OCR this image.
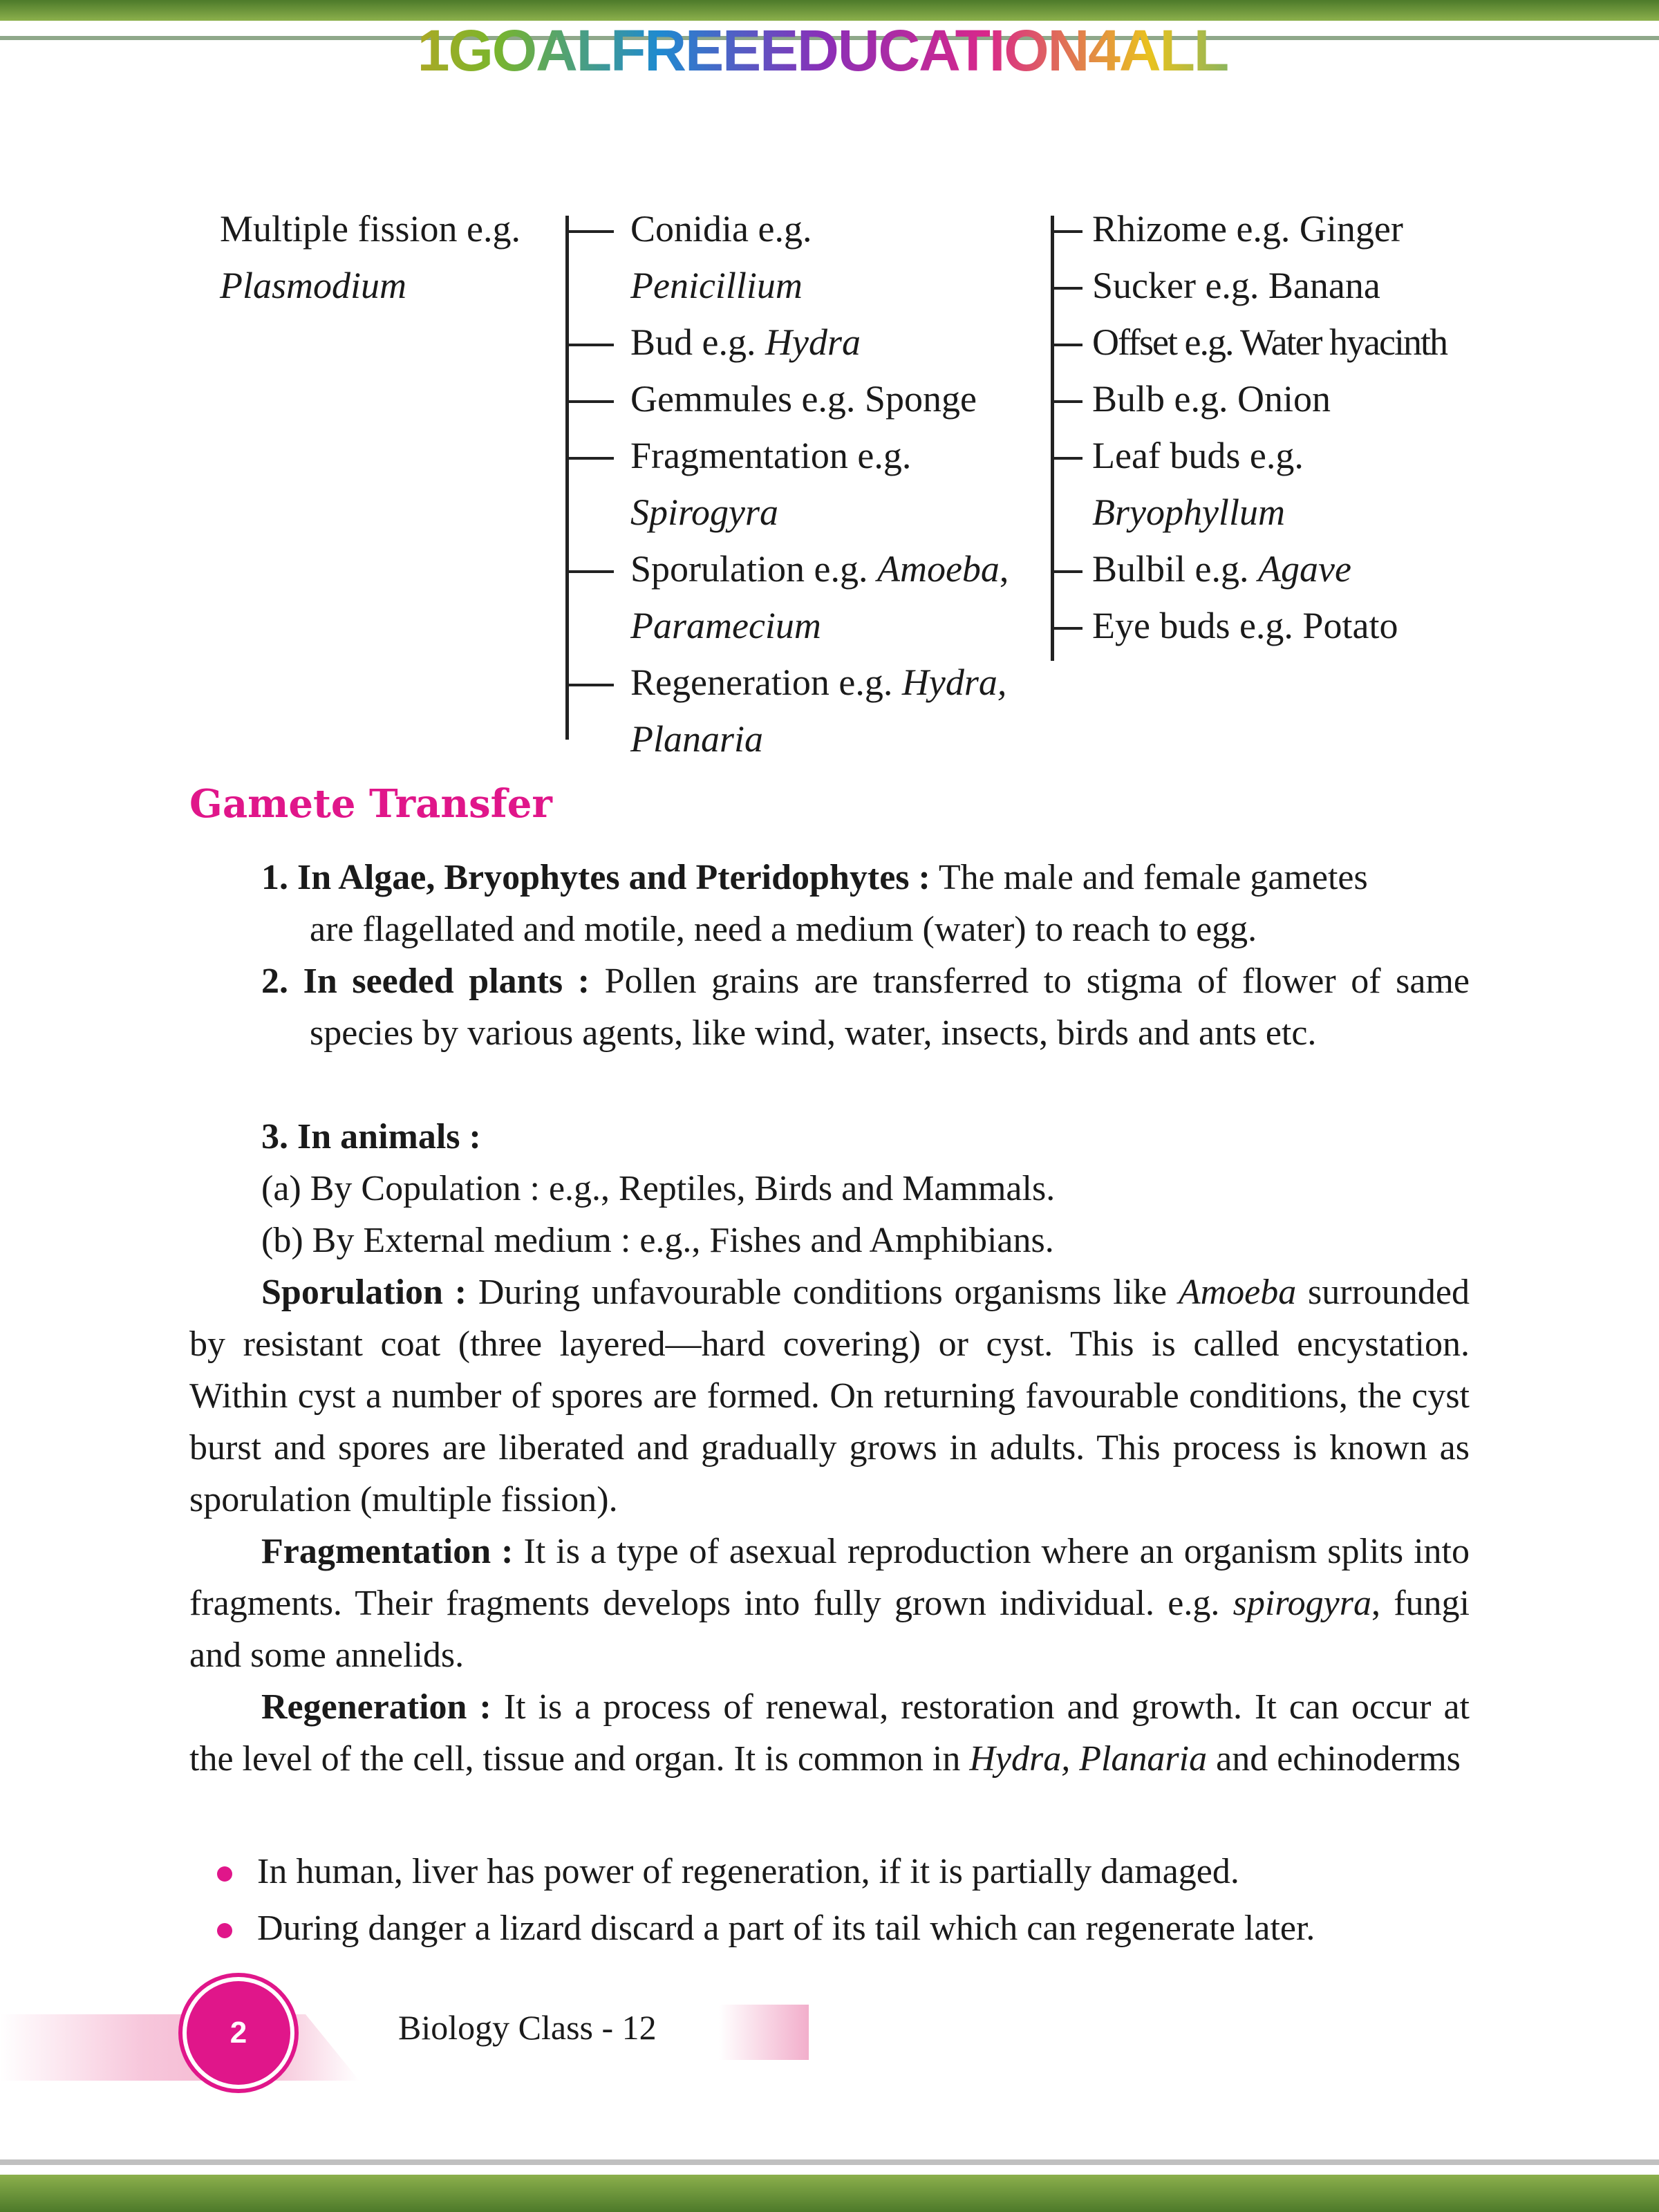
1GOALFREEEDUCATION4ALL
Multiple fission e.g.
Plasmodium
Conidia e.g.
Penicillium
Bud e.g. Hydra
Gemmules e.g. Sponge
Fragmentation e.g.
Spirogyra
Sporulation e.g. Amoeba,
Paramecium
Regeneration e.g. Hydra,
Planaria
Rhizome e.g. Ginger
Sucker e.g. Banana
Offset e.g. Water hyacinth
Bulb e.g. Onion
Leaf buds e.g.
Bryophyllum
Bulbil e.g. Agave
Eye buds e.g. Potato
Gamete Transfer
1. In Algae, Bryophytes and Pteridophytes : The male and female gametes
are flagellated and motile, need a medium (water) to reach to egg.
2. In seeded plants : Pollen grains are transferred to stigma of flower of same species by various agents, like wind, water, insects, birds and ants etc.
3. In animals :
(a) By Copulation : e.g., Reptiles, Birds and Mammals.
(b) By External medium : e.g., Fishes and Amphibians.
Sporulation : During unfavourable conditions organisms like Amoeba surrounded by resistant coat (three layered—hard covering) or cyst. This is called encystation. Within cyst a number of spores are formed. On returning favourable conditions, the cyst burst and spores are liberated and gradually grows in adults. This process is known as sporulation (multiple fission).
Fragmentation : It is a type of asexual reproduction where an organism splits into fragments. Their fragments develops into fully grown individual. e.g. spirogyra, fungi and some annelids.
Regeneration : It is a process of renewal, restoration and growth. It can occur at the level of the cell, tissue and organ. It is common in Hydra, Planaria and echinoderms
In human, liver has power of regeneration, if it is partially damaged.
During danger a lizard discard a part of its tail which can regenerate later.
2	Biology Class - 12
